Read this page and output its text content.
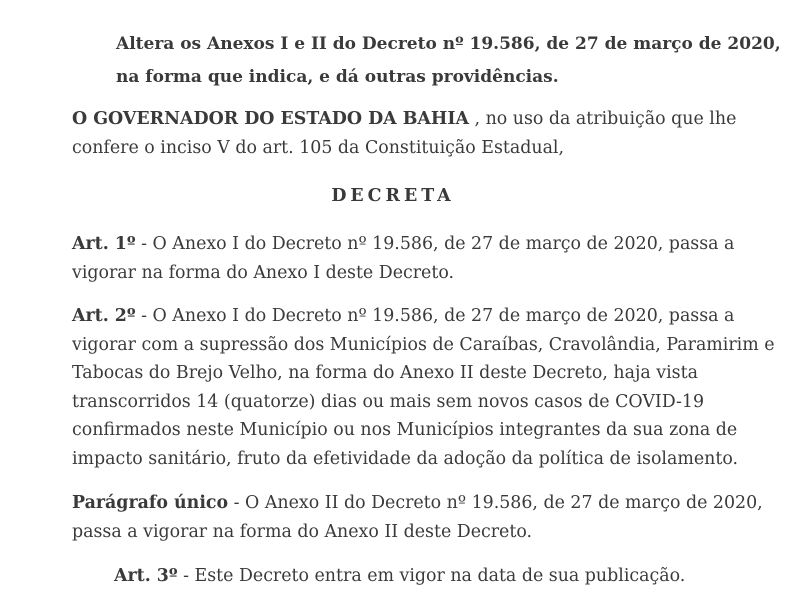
Altera os Anexos I e II do Decreto nº 19.586, de 27 de março de 2020,

na forma que indica, e dá outras providências.

O GOVERNADOR DO ESTADO DA BAHIA , no uso da atribuição que lhe
confere o inciso V do art. 105 da Constituição Estadual,
DECRETA
Art. 1º - O Anexo I do Decreto nº 19.586, de 27 de março de 2020, passa a
vigorar na forma do Anexo I deste Decreto.
Art. 2º - O Anexo I do Decreto nº 19.586, de 27 de março de 2020, passa a
vigorar com a supressão dos Municípios de Caraíbas, Cravolândia, Paramirim e
Tabocas do Brejo Velho, na forma do Anexo II deste Decreto, haja vista
transcorridos 14 (quatorze) dias ou mais sem novos casos de COVID-19
confirmados neste Município ou nos Municípios integrantes da sua zona de
impacto sanitário, fruto da efetividade da adoção da política de isolamento.
Parágrafo único - O Anexo II do Decreto nº 19.586, de 27 de março de 2020,
passa a vigorar na forma do Anexo II deste Decreto.
Art. 3º - Este Decreto entra em vigor na data de sua publicação.
